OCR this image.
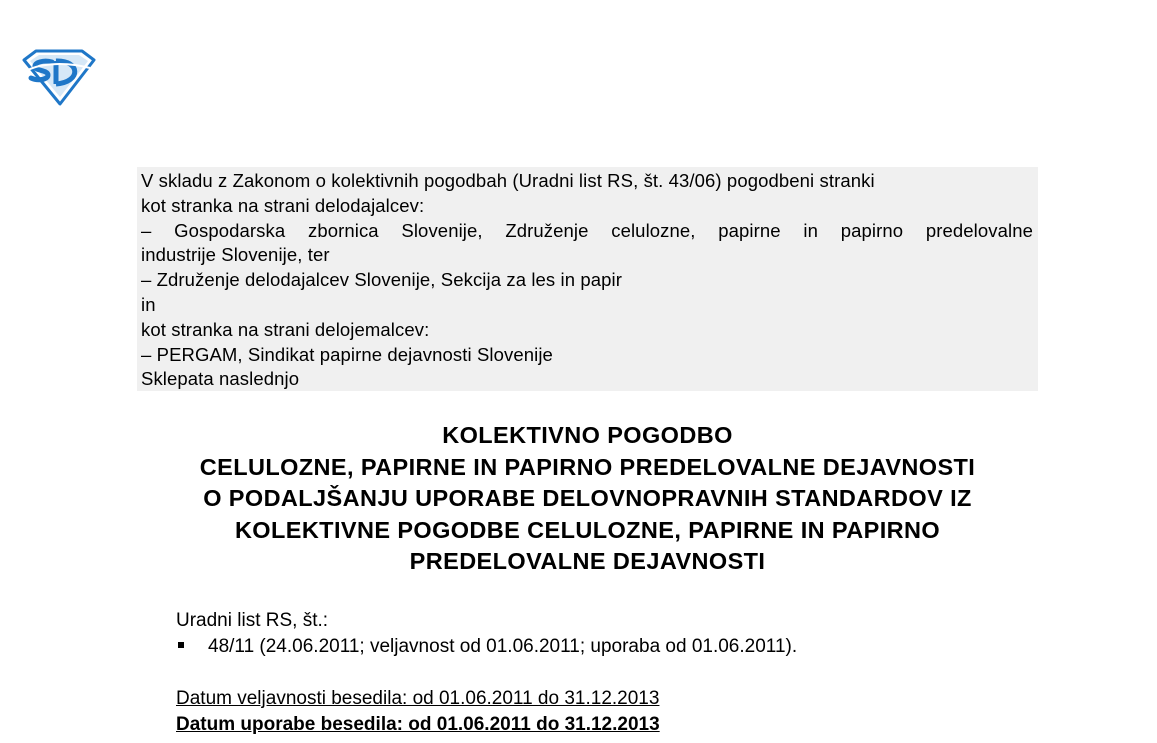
V skladu z Zakonom o kolektivnih pogodbah (Uradni list RS, št. 43/06) pogodbeni stranki
kot stranka na strani delodajalcev:
– Gospodarska zbornica Slovenije, Združenje celulozne, papirne in papirno predelovalne
industrije Slovenije, ter
– Združenje delodajalcev Slovenije, Sekcija za les in papir
in
kot stranka na strani delojemalcev:
– PERGAM, Sindikat papirne dejavnosti Slovenije
Sklepata naslednjo
KOLEKTIVNO POGODBO
CELULOZNE, PAPIRNE IN PAPIRNO PREDELOVALNE DEJAVNOSTI
O PODALJŠANJU UPORABE DELOVNOPRAVNIH STANDARDOV IZ
KOLEKTIVNE POGODBE CELULOZNE, PAPIRNE IN PAPIRNO
PREDELOVALNE DEJAVNOSTI
Uradni list RS, št.:
48/11 (24.06.2011; veljavnost od 01.06.2011; uporaba od 01.06.2011).
Datum veljavnosti besedila: od 01.06.2011 do 31.12.2013
Datum uporabe besedila: od 01.06.2011 do 31.12.2013
